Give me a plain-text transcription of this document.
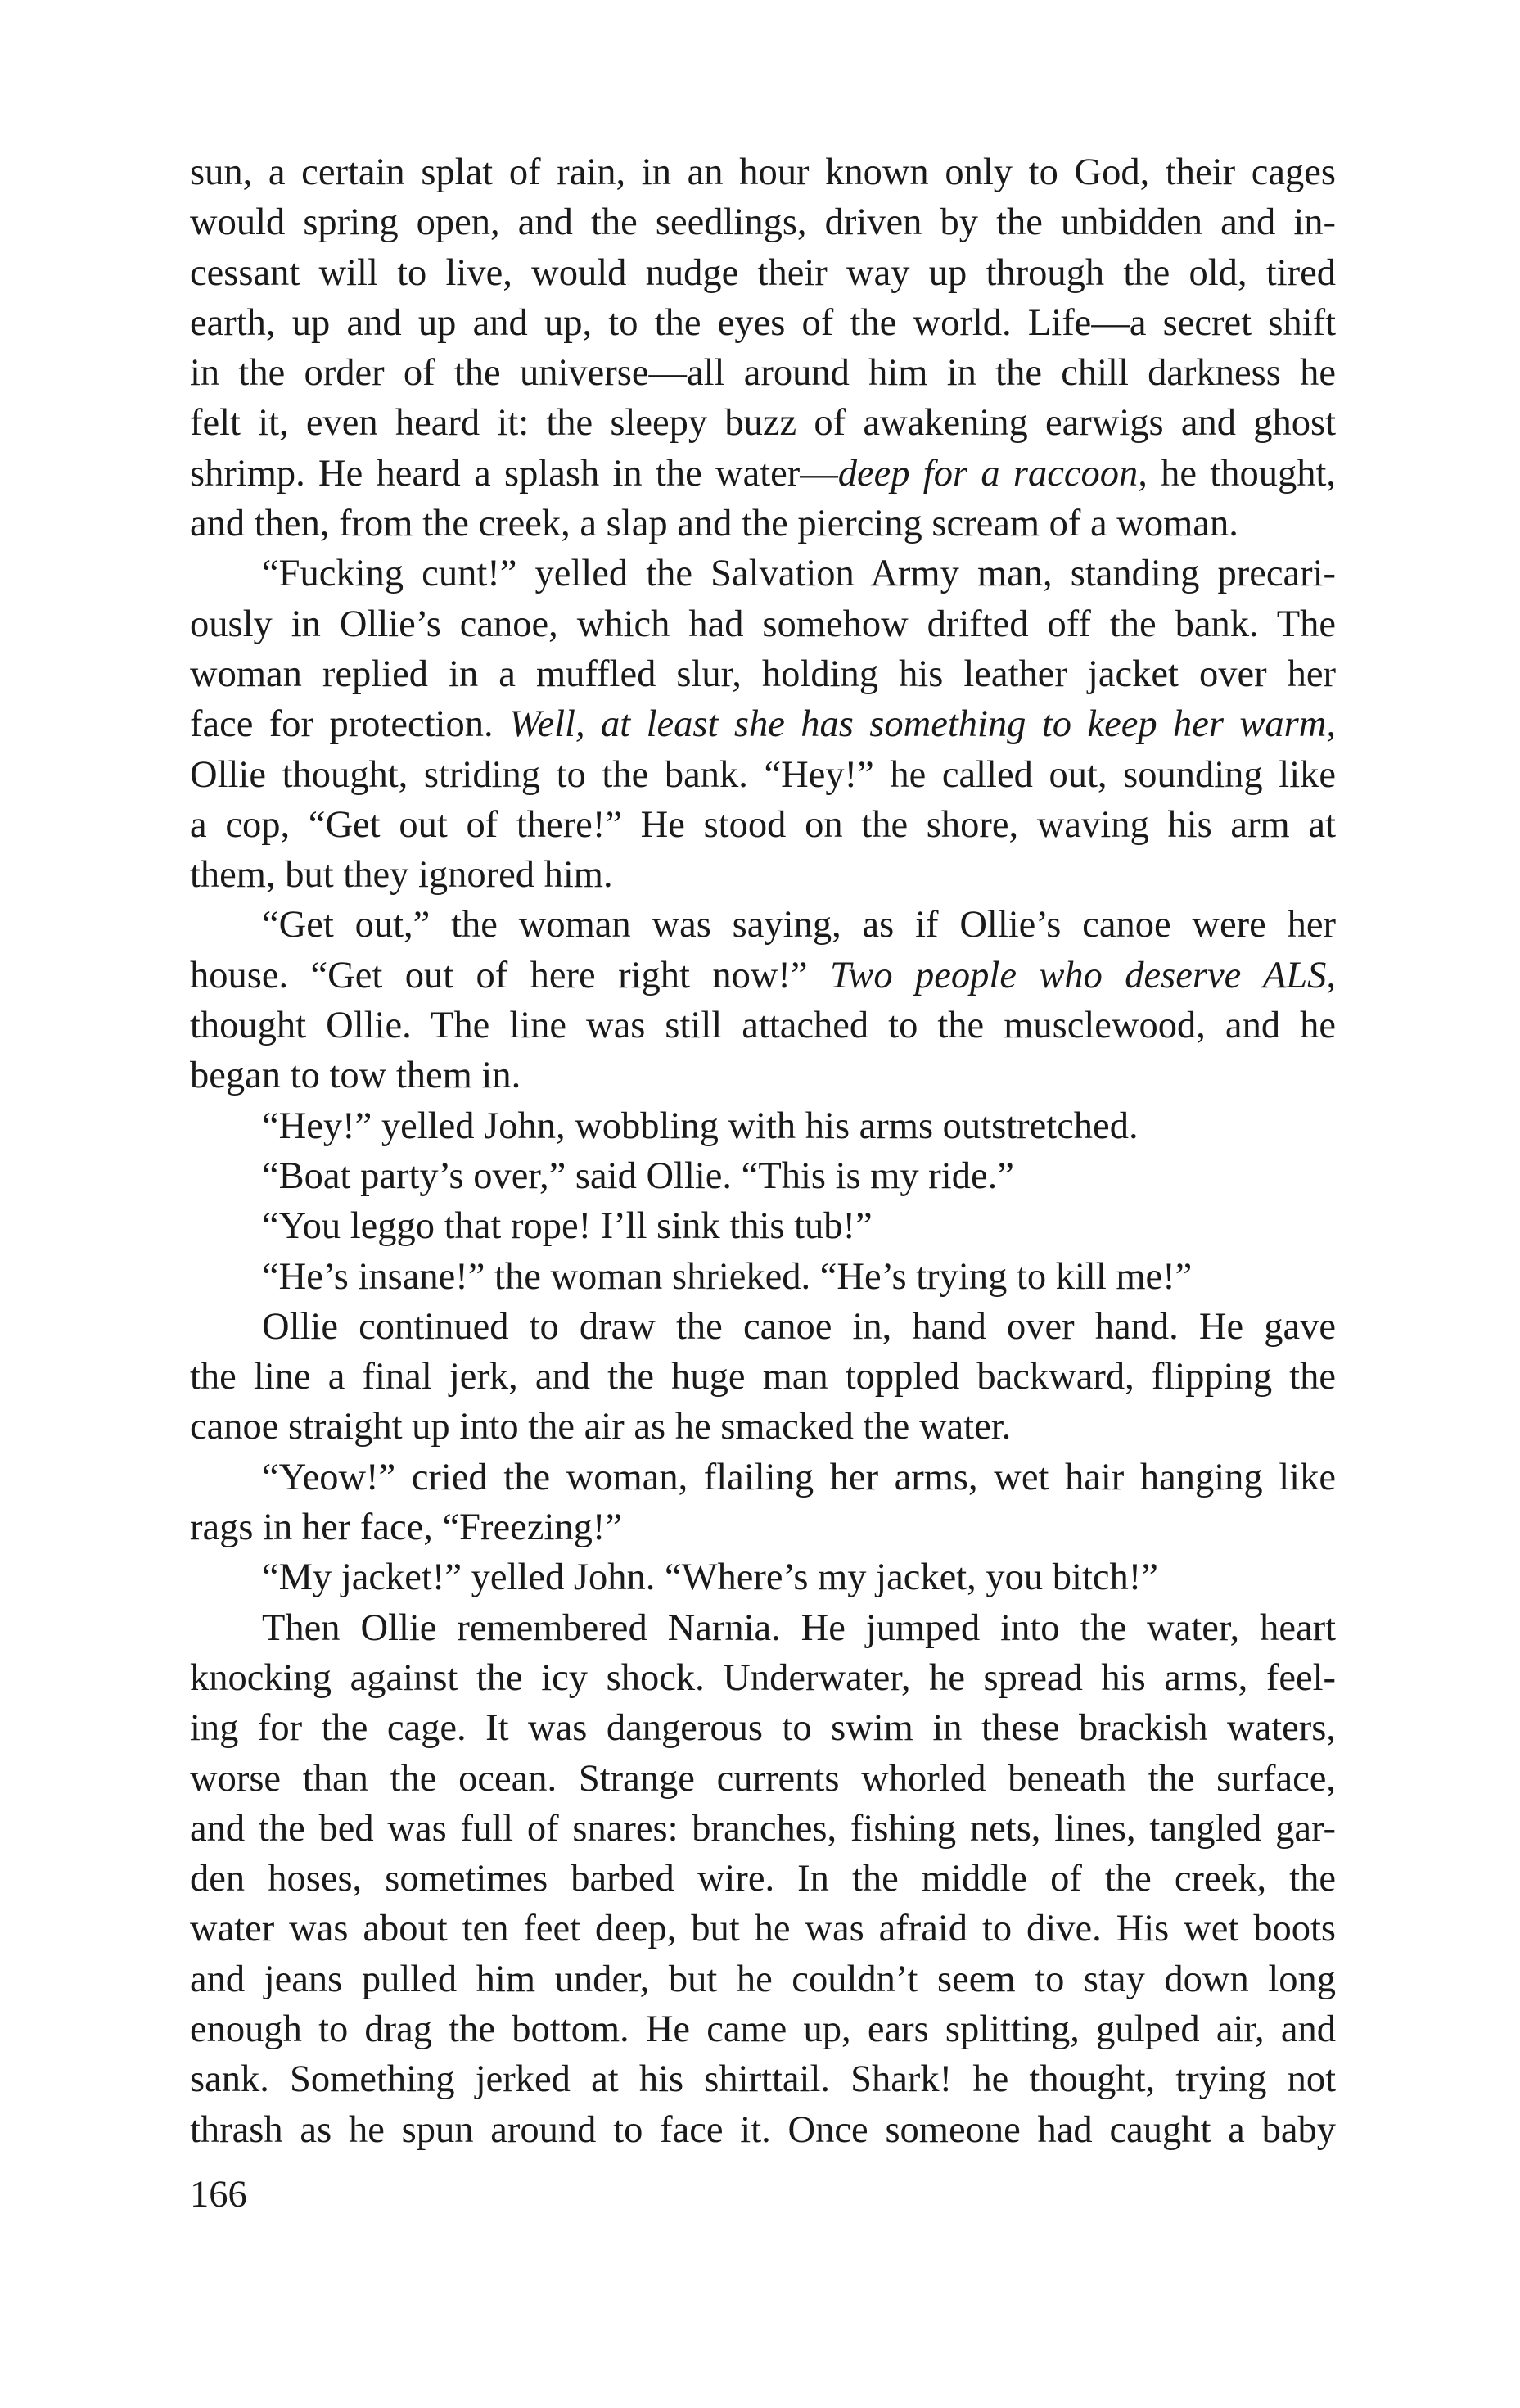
sun, a certain splat of rain, in an hour known only to God, their cages
would spring open, and the seedlings, driven by the unbidden and in-
cessant will to live, would nudge their way up through the old, tired
earth, up and up and up, to the eyes of the world. Life—a secret shift
in the order of the universe—all around him in the chill darkness he
felt it, even heard it: the sleepy buzz of awakening earwigs and ghost
shrimp. He heard a splash in the water—deep for a raccoon, he thought,
and then, from the creek, a slap and the piercing scream of a woman.
“Fucking cunt!” yelled the Salvation Army man, standing precari-
ously in Ollie’s canoe, which had somehow drifted off the bank. The
woman replied in a muffled slur, holding his leather jacket over her
face for protection. Well, at least she has something to keep her warm,
Ollie thought, striding to the bank. “Hey!” he called out, sounding like
a cop, “Get out of there!” He stood on the shore, waving his arm at
them, but they ignored him.
“Get out,” the woman was saying, as if Ollie’s canoe were her
house. “Get out of here right now!” Two people who deserve ALS,
thought Ollie. The line was still attached to the musclewood, and he
began to tow them in.
“Hey!” yelled John, wobbling with his arms outstretched.
“Boat party’s over,” said Ollie. “This is my ride.”
“You leggo that rope! I’ll sink this tub!”
“He’s insane!” the woman shrieked. “He’s trying to kill me!”
Ollie continued to draw the canoe in, hand over hand. He gave
the line a final jerk, and the huge man toppled backward, flipping the
canoe straight up into the air as he smacked the water.
“Yeow!” cried the woman, flailing her arms, wet hair hanging like
rags in her face, “Freezing!”
“My jacket!” yelled John. “Where’s my jacket, you bitch!”
Then Ollie remembered Narnia. He jumped into the water, heart
knocking against the icy shock. Underwater, he spread his arms, feel-
ing for the cage. It was dangerous to swim in these brackish waters,
worse than the ocean. Strange currents whorled beneath the surface,
and the bed was full of snares: branches, fishing nets, lines, tangled gar-
den hoses, sometimes barbed wire. In the middle of the creek, the
water was about ten feet deep, but he was afraid to dive. His wet boots
and jeans pulled him under, but he couldn’t seem to stay down long
enough to drag the bottom. He came up, ears splitting, gulped air, and
sank. Something jerked at his shirttail. Shark! he thought, trying not
thrash as he spun around to face it. Once someone had caught a baby
166
